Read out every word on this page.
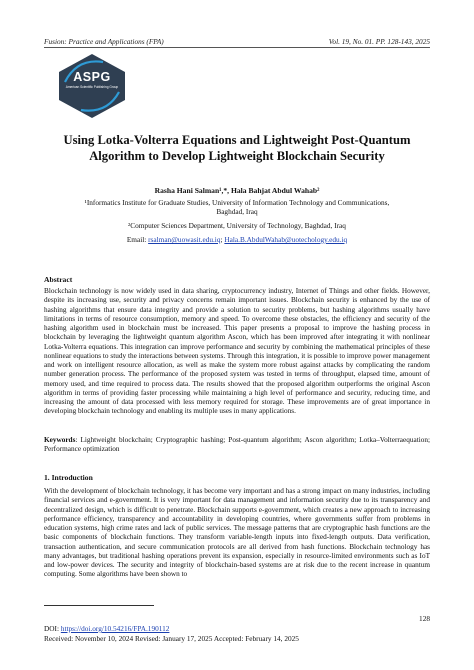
Fusion: Practice and Applications (FPA)	Vol. 19, No. 01. PP. 128-143, 2025
ASPG
American Scientific Publishing Group
Using Lotka-Volterra Equations and Lightweight Post-Quantum Algorithm to Develop Lightweight Blockchain Security
Rasha Hani Salman¹,*, Hala Bahjat Abdul Wahab²
¹Informatics Institute for Graduate Studies, University of Information Technology and Communications,
Baghdad, Iraq
²Computer Sciences Department, University of Technology, Baghdad, Iraq
Email: rsalman@uowasit.edu.iq; Hala.B.AbdulWahab@uotechology.edu.iq
Abstract
Blockchain technology is now widely used in data sharing, cryptocurrency industry, Internet of Things and other fields. However, despite its increasing use, security and privacy concerns remain important issues. Blockchain security is enhanced by the use of hashing algorithms that ensure data integrity and provide a solution to security problems, but hashing algorithms usually have limitations in terms of resource consumption, memory and speed. To overcome these obstacles, the efficiency and security of the hashing algorithm used in blockchain must be increased. This paper presents a proposal to improve the hashing process in blockchain by leveraging the lightweight quantum algorithm Ascon, which has been improved after integrating it with nonlinear Lotka-Volterra equations. This integration can improve performance and security by combining the mathematical principles of these nonlinear equations to study the interactions between systems. Through this integration, it is possible to improve power management and work on intelligent resource allocation, as well as make the system more robust against attacks by complicating the random number generation process. The performance of the proposed system was tested in terms of throughput, elapsed time, amount of memory used, and time required to process data. The results showed that the proposed algorithm outperforms the original Ascon algorithm in terms of providing faster processing while maintaining a high level of performance and security, reducing time, and increasing the amount of data processed with less memory required for storage. These improvements are of great importance in developing blockchain technology and enabling its multiple uses in many applications.
Keywords: Lightweight blockchain; Cryptographic hashing; Post-quantum algorithm; Ascon algorithm; Lotka–Volterraequation; Performance optimization
1. Introduction
With the development of blockchain technology, it has become very important and has a strong impact on many industries, including financial services and e-government. It is very important for data management and information security due to its transparency and decentralized design, which is difficult to penetrate. Blockchain supports e-government, which creates a new approach to increasing performance efficiency, transparency and accountability in developing countries, where governments suffer from problems in education systems, high crime rates and lack of public services. The message patterns that are cryptographic hash functions are the basic components of blockchain functions. They transform variable-length inputs into fixed-length outputs. Data verification, transaction authentication, and secure communication protocols are all derived from hash functions. Blockchain technology has many advantages, but traditional hashing operations prevent its expansion, especially in resource-limited environments such as IoT and low-power devices. The security and integrity of blockchain-based systems are at risk due to the recent increase in quantum computing. Some algorithms have been shown to
128
DOI: https://doi.org/10.54216/FPA.190112
Received: November 10, 2024 Revised: January 17, 2025 Accepted: February 14, 2025
